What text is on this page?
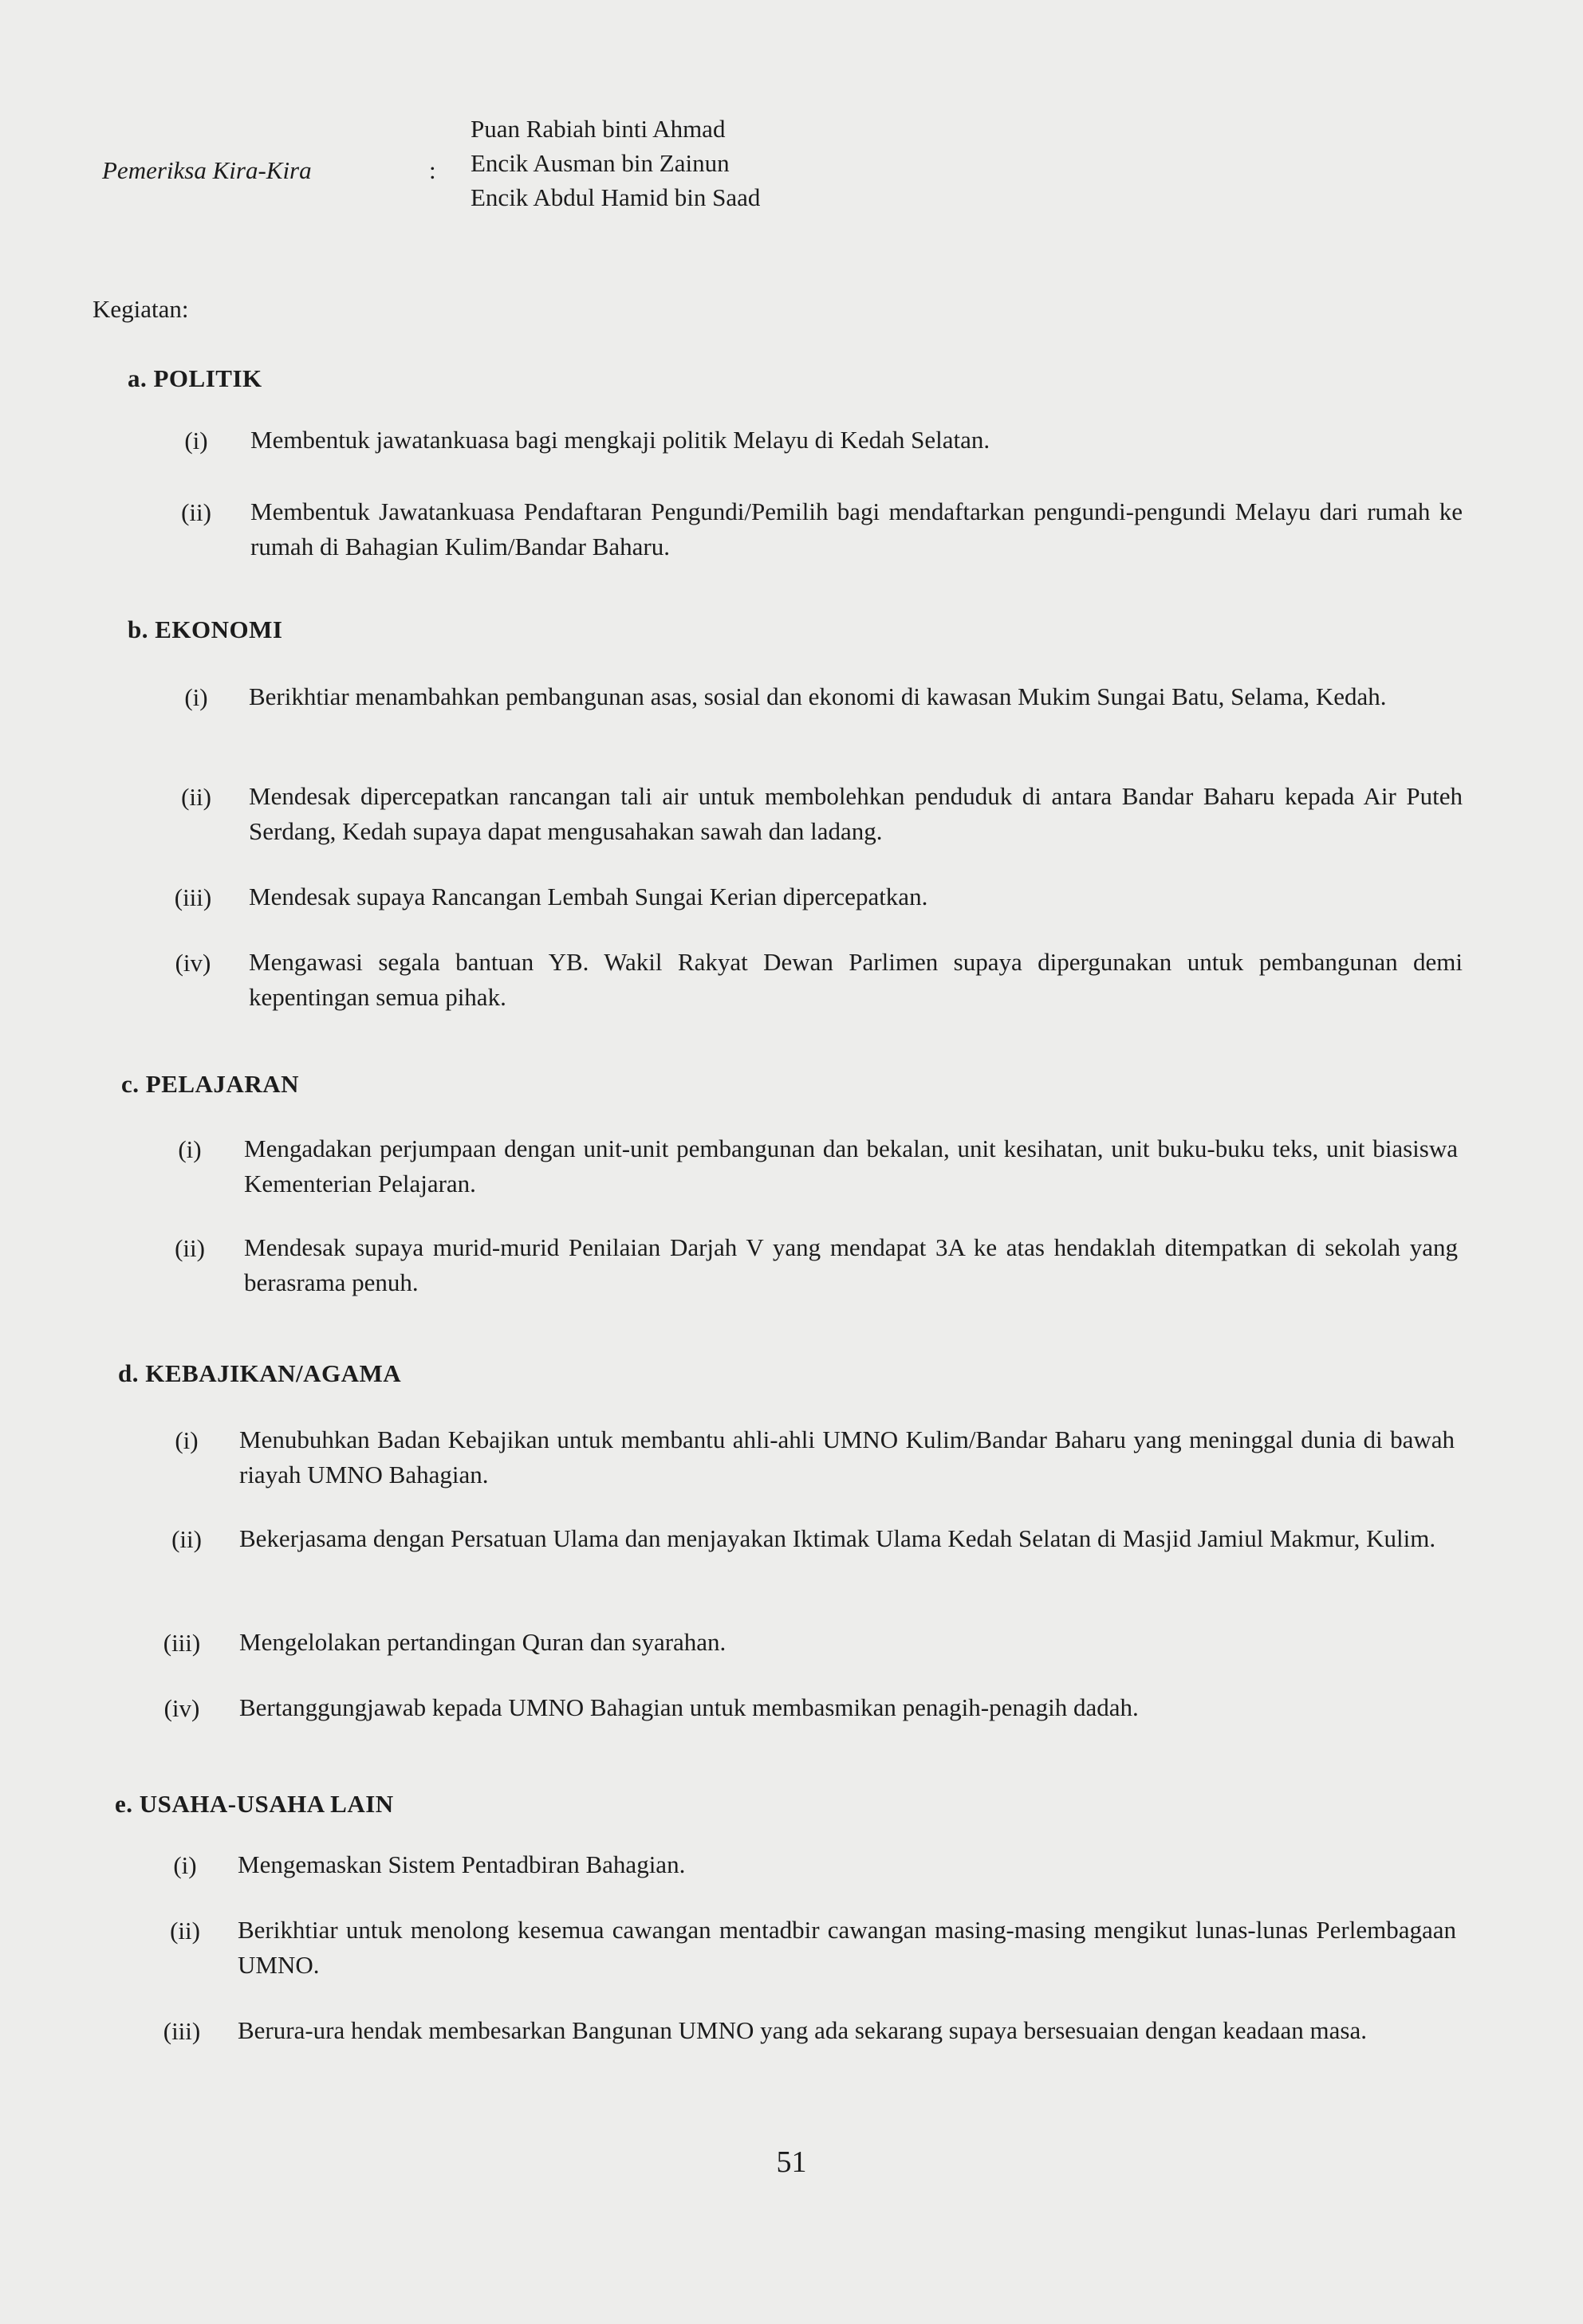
Pemeriksa Kira-Kira	:
Puan Rabiah binti Ahmad
Encik Ausman bin Zainun
Encik Abdul Hamid bin Saad
Kegiatan:
a. POLITIK
(i)	Membentuk jawatankuasa bagi mengkaji politik Melayu di Kedah Selatan.
(ii)	Membentuk Jawatankuasa Pendaftaran Pengundi/Pemilih bagi mendaftarkan pengundi-pengundi Melayu dari rumah ke rumah di Bahagian Kulim/Bandar Baharu.
b. EKONOMI
(i)	Berikhtiar menambahkan pembangunan asas, sosial dan ekonomi di kawasan Mukim Sungai Batu, Selama, Kedah.
(ii)	Mendesak dipercepatkan rancangan tali air untuk membolehkan penduduk di antara Bandar Baharu kepada Air Puteh Serdang, Kedah supaya dapat mengusahakan sawah dan ladang.
(iii)	Mendesak supaya Rancangan Lembah Sungai Kerian dipercepatkan.
(iv)	Mengawasi segala bantuan YB. Wakil Rakyat Dewan Parlimen supaya dipergunakan untuk pembangunan demi kepentingan semua pihak.
c. PELAJARAN
(i)	Mengadakan perjumpaan dengan unit-unit pembangunan dan bekalan, unit kesihatan, unit buku-buku teks, unit biasiswa Kementerian Pelajaran.
(ii)	Mendesak supaya murid-murid Penilaian Darjah V yang mendapat 3A ke atas hendaklah ditempatkan di sekolah yang berasrama penuh.
d. KEBAJIKAN/AGAMA
(i)	Menubuhkan Badan Kebajikan untuk membantu ahli-ahli UMNO Kulim/Bandar Baharu yang meninggal dunia di bawah riayah UMNO Bahagian.
(ii)	Bekerjasama dengan Persatuan Ulama dan menjayakan Iktimak Ulama Kedah Selatan di Masjid Jamiul Makmur, Kulim.
(iii)	Mengelolakan pertandingan Quran dan syarahan.
(iv)	Bertanggungjawab kepada UMNO Bahagian untuk membasmikan penagih-penagih dadah.
e. USAHA-USAHA LAIN
(i)	Mengemaskan Sistem Pentadbiran Bahagian.
(ii)	Berikhtiar untuk menolong kesemua cawangan mentadbir cawangan masing-masing mengikut lunas-lunas Perlembagaan UMNO.
(iii)	Berura-ura hendak membesarkan Bangunan UMNO yang ada sekarang supaya bersesuaian dengan keadaan masa.
51
